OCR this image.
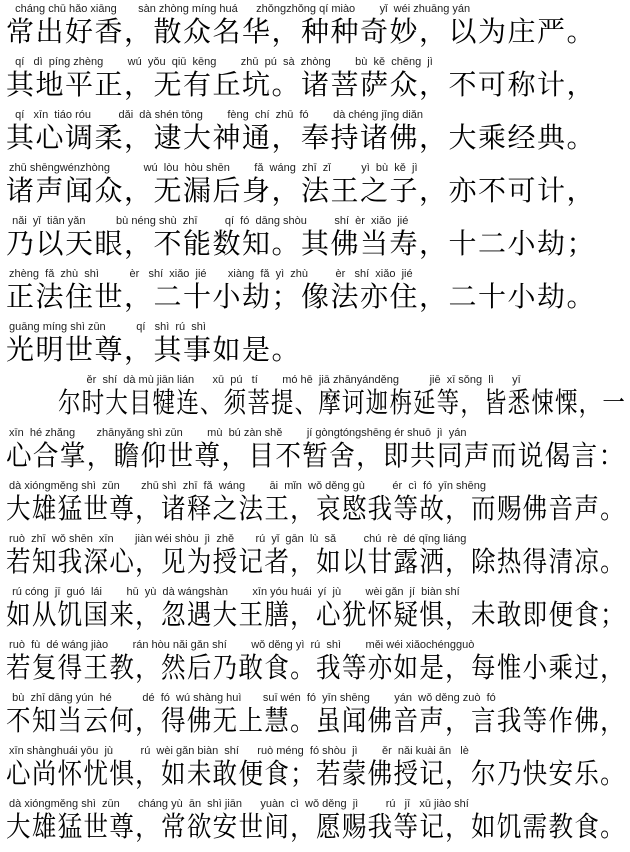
cháng chū hǎo xiāng       sàn zhòng míng huá      zhǒngzhǒng qí miào        yǐ  wéi zhuāng yán
常出好香，散众名华，种种奇妙，以为庄严。
qí   dì  píng zhèng        wú  yǒu  qiū  kēng        zhū  pú  sà  zhòng        bù  kě  chēng  jì
其地平正，无有丘坑。诸菩萨众，不可称计，
qí   xīn  tiáo róu         dǎi  dà shén tōng        fèng  chí  zhū  fó        dà chéng jīng diǎn
其心调柔，逮大神通，奉持诸佛，大乘经典。
zhū shēngwénzhòng           wú  lòu  hòu shēn        fǎ  wáng  zhī  zǐ          yì  bù  kě  jì
诸声闻众，无漏后身，法王之子，亦不可计，
nǎi  yǐ  tiān yǎn          bù néng shù  zhī         qí  fó  dāng shòu         shí  èr  xiǎo  jié
乃以天眼，不能数知。其佛当寿，十二小劫；
zhèng  fǎ  zhù  shì          èr   shí  xiǎo  jié       xiàng  fǎ  yì  zhù         èr   shí  xiǎo  jié
正法住世，二十小劫；像法亦住，二十小劫。
guāng míng shì zūn          qí   shì  rú  shì
光明世尊，其事如是。
ěr  shí  dà mù jiān lián      xū  pú   tí        mó hē  jiā zhānyánděng          jiē  xī sǒng  lì      yī
尔时大目犍连、须菩提、摩诃迦栴延等，皆悉悚慄，一
xīn  hé zhǎng       zhānyǎng shì zūn        mù  bú zàn shě        jí gòngtóngshēng ér shuō  jì  yán
心合掌，瞻仰世尊，目不暂舍，即共同声而说偈言：
dà xióngměng shì  zūn       zhū shì  zhī  fǎ  wáng        āi  mǐn  wǒ děng gù         ér  cì  fó  yīn shēng
大雄猛世尊，诸释之法王，哀愍我等故，而赐佛音声。
ruò  zhī  wǒ shēn  xīn       jiàn wéi shòu  jì  zhě       rú  yǐ  gān  lù  sǎ         chú  rè  dé qīng liáng
若知我深心，见为授记者，如以甘露洒，除热得清凉。
rú cóng  jī  guó  lái        hū  yù  dà wángshàn        xīn yóu huái  yí  jù        wèi gǎn  jí  biàn shí
如从饥国来，忽遇大王膳，心犹怀疑惧，未敢即便食；
ruò  fù  dé wáng jiào        rán hòu nǎi gǎn shí        wǒ děng yì  rú  shì        měi wéi xiǎochéngguò
若复得王教，然后乃敢食。我等亦如是，每惟小乘过，
bù  zhī dāng yún  hé          dé  fó  wú shàng huì       suī wén  fó  yīn shēng        yán  wǒ děng zuò  fó
不知当云何，得佛无上慧。虽闻佛音声，言我等作佛，
xīn shànghuái yōu  jù         rú  wèi gǎn biàn  shí      ruò méng  fó shòu  jì        ěr  nǎi kuài ān   lè
心尚怀忧惧，如未敢便食；若蒙佛授记，尔乃快安乐。
dà xióngměng shì  zūn      cháng yù  ān  shì jiān      yuàn  cì  wǒ děng  jì         rú   jī   xū jiào shí
大雄猛世尊，常欲安世间，愿赐我等记，如饥需教食。
